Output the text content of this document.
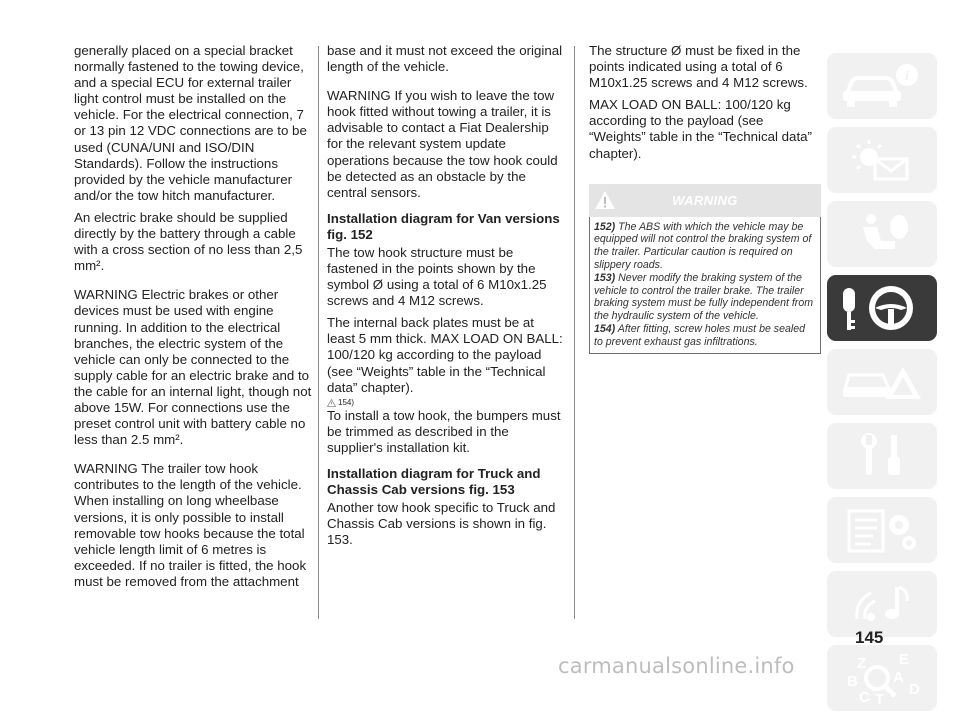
generally placed on a special bracket normally fastened to the towing device, and a special ECU for external trailer light control must be installed on the vehicle. For the electrical connection, 7 or 13 pin 12 VDC connections are to be used (CUNA/UNI and ISO/DIN Standards). Follow the instructions provided by the vehicle manufacturer and/or the tow hitch manufacturer.

An electric brake should be supplied directly by the battery through a cable with a cross section of no less than 2,5 mm².

WARNING Electric brakes or other devices must be used with engine running. In addition to the electrical branches, the electric system of the vehicle can only be connected to the supply cable for an electric brake and to the cable for an internal light, though not above 15W. For connections use the preset control unit with battery cable no less than 2.5 mm².

WARNING The trailer tow hook contributes to the length of the vehicle. When installing on long wheelbase versions, it is only possible to install removable tow hooks because the total vehicle length limit of 6 metres is exceeded. If no trailer is fitted, the hook must be removed from the attachment

base and it must not exceed the original length of the vehicle.

WARNING If you wish to leave the tow hook fitted without towing a trailer, it is advisable to contact a Fiat Dealership for the relevant system update operations because the tow hook could be detected as an obstacle by the central sensors.

Installation diagram for Van versions fig. 152

The tow hook structure must be fastened in the points shown by the symbol Ø using a total of 6 M10x1.25 screws and 4 M12 screws.

The internal back plates must be at least 5 mm thick. MAX LOAD ON BALL: 100/120 kg according to the payload (see “Weights” table in the “Technical data” chapter).

154)

To install a tow hook, the bumpers must be trimmed as described in the supplier's installation kit.

Installation diagram for Truck and Chassis Cab versions fig. 153

Another tow hook specific to Truck and Chassis Cab versions is shown in fig. 153.

The structure Ø must be fixed in the points indicated using a total of 6 M10x1.25 screws and 4 M12 screws.

MAX LOAD ON BALL: 100/120 kg according to the payload (see “Weights” table in the “Technical data” chapter).

WARNING

152) The ABS with which the vehicle may be equipped will not control the braking system of the trailer. Particular caution is required on slippery roads.

153) Never modify the braking system of the vehicle to control the trailer brake. The trailer braking system must be fully independent from the hydraulic system of the vehicle.

154) After fitting, screw holes must be sealed to prevent exhaust gas infiltrations.

i
Z E
A
B
C T
D
145
carmanualsonline.info
